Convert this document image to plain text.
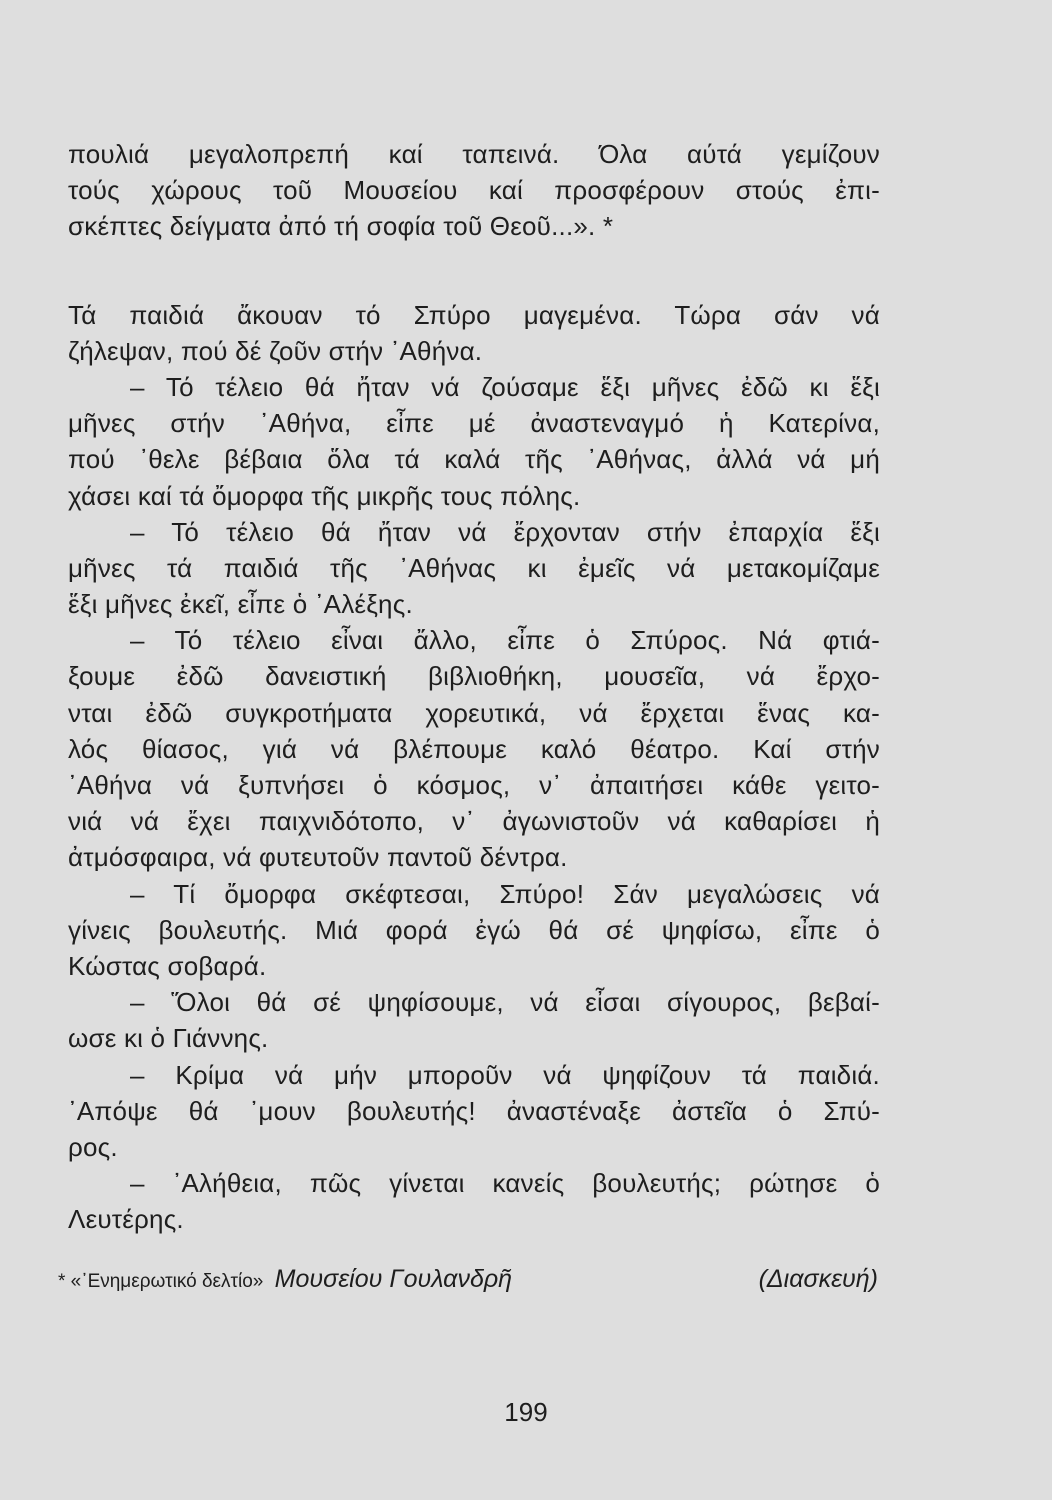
πουλιά μεγαλοπρεπή καί ταπεινά. Όλα αύτά γεμίζουν
τούς χώρους τοῦ Μουσείου καί προσφέρουν στούς ἐπι-
σκέπτες δείγματα ἀπό τή σοφία τοῦ Θεοῦ...». *
Τά παιδιά ἄκουαν τό Σπύρο μαγεμένα. Τώρα σάν νά
ζήλεψαν, πού δέ ζοῦν στήν ᾽Αθήνα.
– Τό τέλειο θά ἤταν νά ζούσαμε ἕξι μῆνες ἐδῶ κι ἕξι
μῆνες στήν ᾽Αθήνα, εἶπε μέ ἀναστεναγμό ἡ Κατερίνα,
πού ᾽θελε βέβαια ὅλα τά καλά τῆς ᾽Αθήνας, ἀλλά νά μή
χάσει καί τά ὄμορφα τῆς μικρῆς τους πόλης.
– Τό τέλειο θά ἤταν νά ἔρχονταν στήν ἐπαρχία ἕξι
μῆνες τά παιδιά τῆς ᾽Αθήνας κι ἐμεῖς νά μετακομίζαμε
ἕξι μῆνες ἐκεῖ, εἶπε ὁ ᾽Αλέξης.
– Τό τέλειο εἶναι ἄλλο, εἶπε ὁ Σπύρος. Νά φτιά-
ξουμε ἐδῶ δανειστική βιβλιοθήκη, μουσεῖα, νά ἔρχο-
νται ἐδῶ συγκροτήματα χορευτικά, νά ἔρχεται ἕνας κα-
λός θίασος, γιά νά βλέπουμε καλό θέατρο. Καί στήν
᾽Αθήνα νά ξυπνήσει ὁ κόσμος, ν᾽ ἀπαιτήσει κάθε γειτο-
νιά νά ἔχει παιχνιδότοπο, ν᾽ ἀγωνιστοῦν νά καθαρίσει ἡ
ἀτμόσφαιρα, νά φυτευτοῦν παντοῦ δέντρα.
– Τί ὄμορφα σκέφτεσαι, Σπύρο! Σάν μεγαλώσεις νά
γίνεις βουλευτής. Μιά φορά ἐγώ θά σέ ψηφίσω, εἶπε ὁ
Κώστας σοβαρά.
– Ὅλοι θά σέ ψηφίσουμε, νά εἶσαι σίγουρος, βεβαί-
ωσε κι ὁ Γιάννης.
– Κρίμα νά μήν μποροῦν νά ψηφίζουν τά παιδιά.
᾽Απόψε θά ᾽μουν βουλευτής! ἀναστέναξε ἀστεῖα ὁ Σπύ-
ρος.
– ᾽Αλήθεια, πῶς γίνεται κανείς βουλευτής; ρώτησε ὁ
Λευτέρης.
* «᾽Ενημερωτικό δελτίο» Μουσείου Γουλανδρῆ	(Διασκευή)
199
